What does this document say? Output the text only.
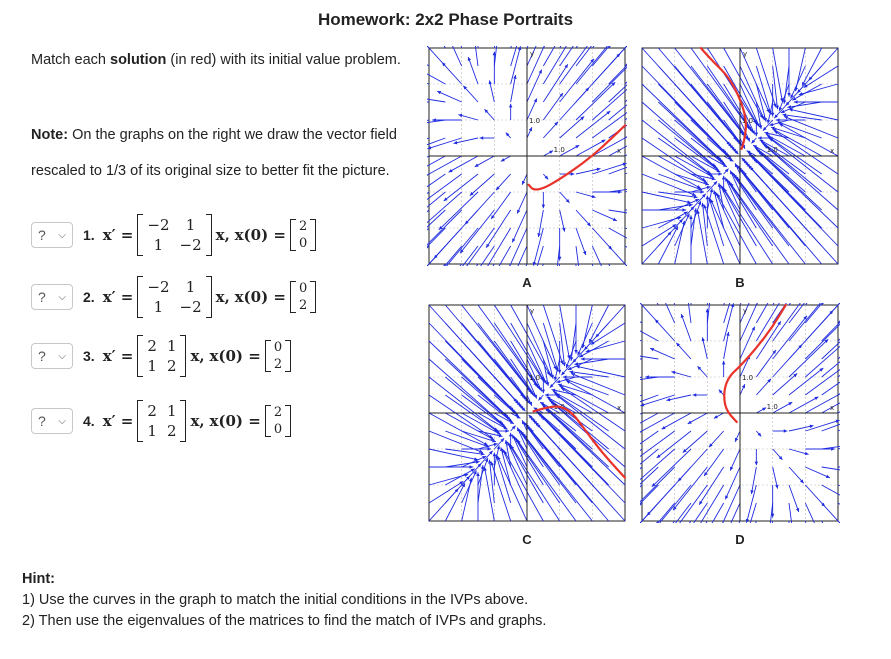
Homework: 2x2 Phase Portraits

Match each solution (in red) with its initial value problem.

Note: On the graphs on the right we draw the vector field

rescaled to 1/3 of its original size to better fit the picture.

? ⌵ 1. x′ =
−2	1
1	−2
x,
x(0) = 2
0
? ⌵ 2. x′ =
−2	1
1	−2
x,
x(0) = 0
2
? ⌵ 3. x′ =
2 1
1 2
x,
x(0) = 0
2
? ⌵ 4. x′ =
2 1
1 2
x,
x(0) = 2
0
1.0
1.0
x
y
A
1.0
1.0
x
y
B
1.0
1.0
x
y
C
1.0
1.0
x
y
D

Hint:

1) Use the curves in the graph to match the initial conditions in the IVPs above.

2) Then use the eigenvalues of the matrices to find the match of IVPs and graphs.
